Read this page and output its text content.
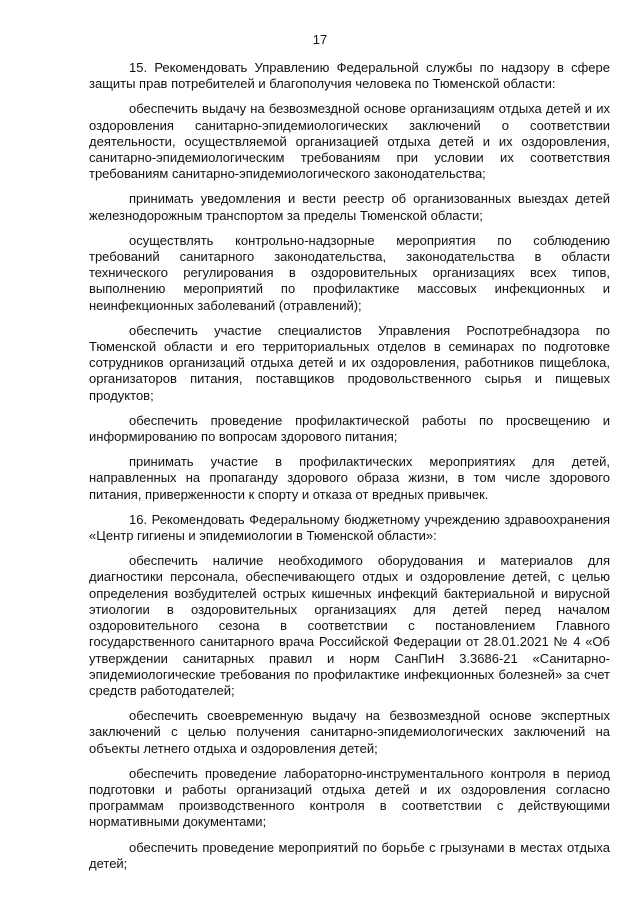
17

15. Рекомендовать Управлению Федеральной службы по надзору в сфере защиты прав потребителей и благополучия человека по Тюменской области:

обеспечить выдачу на безвозмездной основе организациям отдыха детей и их оздоровления санитарно-эпидемиологических заключений о соответствии деятельности, осуществляемой организацией отдыха детей и их оздоровления, санитарно-эпидемиологическим требованиям при условии их соответствия требованиям санитарно-эпидемиологического законодательства;

принимать уведомления и вести реестр об организованных выездах детей железнодорожным транспортом за пределы Тюменской области;

осуществлять контрольно-надзорные мероприятия по соблюдению требований санитарного законодательства, законодательства в области технического регулирования в оздоровительных организациях всех типов, выполнению мероприятий по профилактике массовых инфекционных и неинфекционных заболеваний (отравлений);

обеспечить участие специалистов Управления Роспотребнадзора по Тюменской области и его территориальных отделов в семинарах по подготовке сотрудников организаций отдыха детей и их оздоровления, работников пищеблока, организаторов питания, поставщиков продовольственного сырья и пищевых продуктов;

обеспечить проведение профилактической работы по просвещению и информированию по вопросам здорового питания;

принимать участие в профилактических мероприятиях для детей, направленных на пропаганду здорового образа жизни, в том числе здорового питания, приверженности к спорту и отказа от вредных привычек.

16. Рекомендовать Федеральному бюджетному учреждению здравоохранения «Центр гигиены и эпидемиологии в Тюменской области»:

обеспечить наличие необходимого оборудования и материалов для диагностики персонала, обеспечивающего отдых и оздоровление детей, с целью определения возбудителей острых кишечных инфекций бактериальной и вирусной этиологии в оздоровительных организациях для детей перед началом оздоровительного сезона в соответствии с постановлением Главного государственного санитарного врача Российской Федерации от 28.01.2021 № 4 «Об утверждении санитарных правил и норм СанПиН 3.3686-21 «Санитарно-эпидемиологические требования по профилактике инфекционных болезней» за счет средств работодателей;

обеспечить своевременную выдачу на безвозмездной основе экспертных заключений с целью получения санитарно-эпидемиологических заключений на объекты летнего отдыха и оздоровления детей;

обеспечить проведение лабораторно-инструментального контроля в период подготовки и работы организаций отдыха детей и их оздоровления согласно программам производственного контроля в соответствии с действующими нормативными документами;

обеспечить проведение мероприятий по борьбе с грызунами в местах отдыха детей;
